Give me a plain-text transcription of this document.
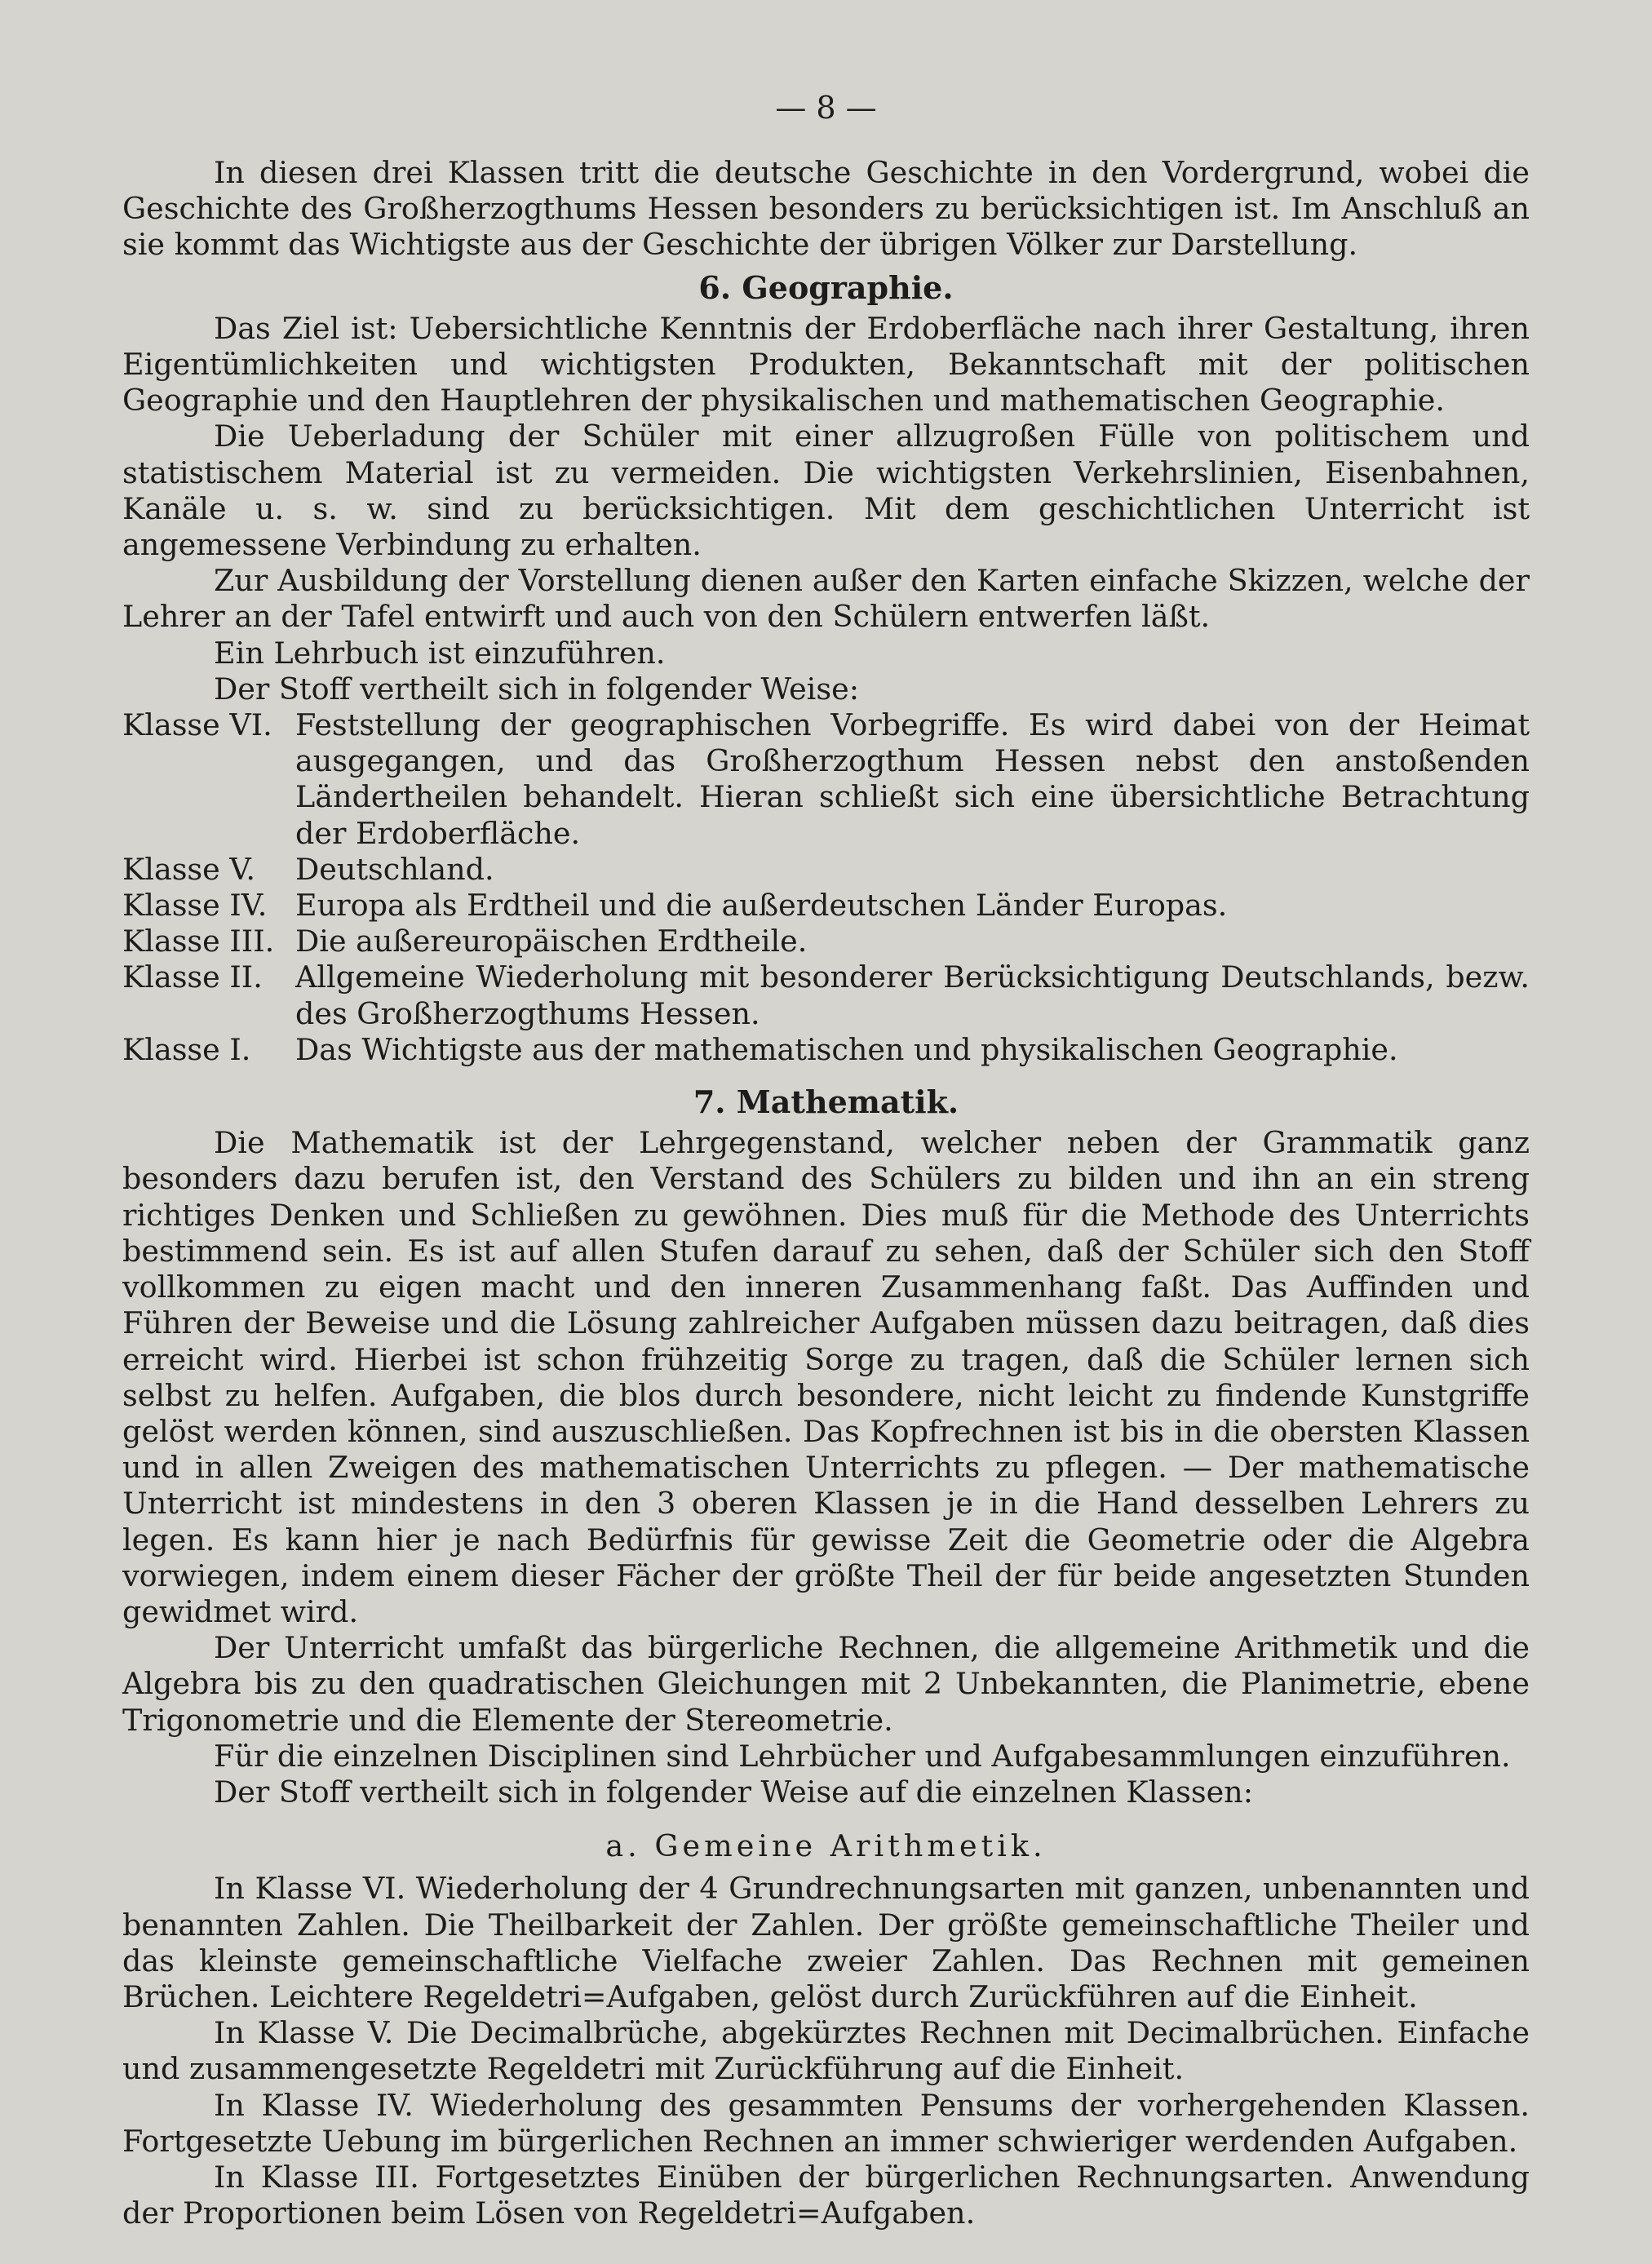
— 8 —

In diesen drei Klassen tritt die deutsche Geschichte in den Vordergrund, wobei die Geschichte des Großherzogthums Hessen besonders zu berücksichtigen ist. Im Anschluß an sie kommt das Wichtigste aus der Geschichte der übrigen Völker zur Darstellung.

6. Geographie.

Das Ziel ist: Uebersichtliche Kenntnis der Erdoberfläche nach ihrer Gestaltung, ihren Eigentümlichkeiten und wichtigsten Produkten, Bekanntschaft mit der politischen Geographie und den Hauptlehren der physikalischen und mathematischen Geographie.

Die Ueberladung der Schüler mit einer allzugroßen Fülle von politischem und statistischem Material ist zu vermeiden. Die wichtigsten Verkehrslinien, Eisenbahnen, Kanäle u. s. w. sind zu berücksichtigen. Mit dem geschichtlichen Unterricht ist angemessene Verbindung zu erhalten.

Zur Ausbildung der Vorstellung dienen außer den Karten einfache Skizzen, welche der Lehrer an der Tafel entwirft und auch von den Schülern entwerfen läßt.

Ein Lehrbuch ist einzuführen.

Der Stoff vertheilt sich in folgender Weise:

Klasse VI. Feststellung der geographischen Vorbegriffe. Es wird dabei von der Heimat ausgegangen, und das Großherzogthum Hessen nebst den anstoßenden Ländertheilen behandelt. Hieran schließt sich eine übersichtliche Betrachtung der Erdoberfläche.
Klasse V.	Deutschland.
Klasse IV. Europa als Erdtheil und die außerdeutschen Länder Europas.
Klasse III. Die außereuropäischen Erdtheile.
Klasse II.	Allgemeine Wiederholung mit besonderer Berücksichtigung Deutschlands, bezw. des Großherzogthums Hessen.
Klasse I.	Das Wichtigste aus der mathematischen und physikalischen Geographie.
7. Mathematik.

Die Mathematik ist der Lehrgegenstand, welcher neben der Grammatik ganz besonders dazu berufen ist, den Verstand des Schülers zu bilden und ihn an ein streng richtiges Denken und Schließen zu gewöhnen. Dies muß für die Methode des Unterrichts bestimmend sein. Es ist auf allen Stufen darauf zu sehen, daß der Schüler sich den Stoff vollkommen zu eigen macht und den inneren Zusammenhang faßt. Das Auffinden und Führen der Beweise und die Lösung zahlreicher Aufgaben müssen dazu beitragen, daß dies erreicht wird. Hierbei ist schon frühzeitig Sorge zu tragen, daß die Schüler lernen sich selbst zu helfen. Aufgaben, die blos durch besondere, nicht leicht zu findende Kunstgriffe gelöst werden können, sind auszuschließen. Das Kopfrechnen ist bis in die obersten Klassen und in allen Zweigen des mathematischen Unterrichts zu pflegen. — Der mathematische Unterricht ist mindestens in den 3 oberen Klassen je in die Hand desselben Lehrers zu legen. Es kann hier je nach Bedürfnis für gewisse Zeit die Geometrie oder die Algebra vorwiegen, indem einem dieser Fächer der größte Theil der für beide angesetzten Stunden gewidmet wird.

Der Unterricht umfaßt das bürgerliche Rechnen, die allgemeine Arithmetik und die Algebra bis zu den quadratischen Gleichungen mit 2 Unbekannten, die Planimetrie, ebene Trigonometrie und die Elemente der Stereometrie.

Für die einzelnen Disciplinen sind Lehrbücher und Aufgabesammlungen einzuführen.

Der Stoff vertheilt sich in folgender Weise auf die einzelnen Klassen:

a. Gemeine Arithmetik.

In Klasse VI. Wiederholung der 4 Grundrechnungsarten mit ganzen, unbenannten und benannten Zahlen. Die Theilbarkeit der Zahlen. Der größte gemeinschaftliche Theiler und das kleinste gemeinschaftliche Vielfache zweier Zahlen. Das Rechnen mit gemeinen Brüchen. Leichtere Regeldetri=Aufgaben, gelöst durch Zurückführen auf die Einheit.

In Klasse V. Die Decimalbrüche, abgekürztes Rechnen mit Decimalbrüchen. Einfache und zusammengesetzte Regeldetri mit Zurückführung auf die Einheit.

In Klasse IV. Wiederholung des gesammten Pensums der vorhergehenden Klassen. Fortgesetzte Uebung im bürgerlichen Rechnen an immer schwieriger werdenden Aufgaben.

In Klasse III. Fortgesetztes Einüben der bürgerlichen Rechnungsarten. Anwendung der Proportionen beim Lösen von Regeldetri=Aufgaben.
